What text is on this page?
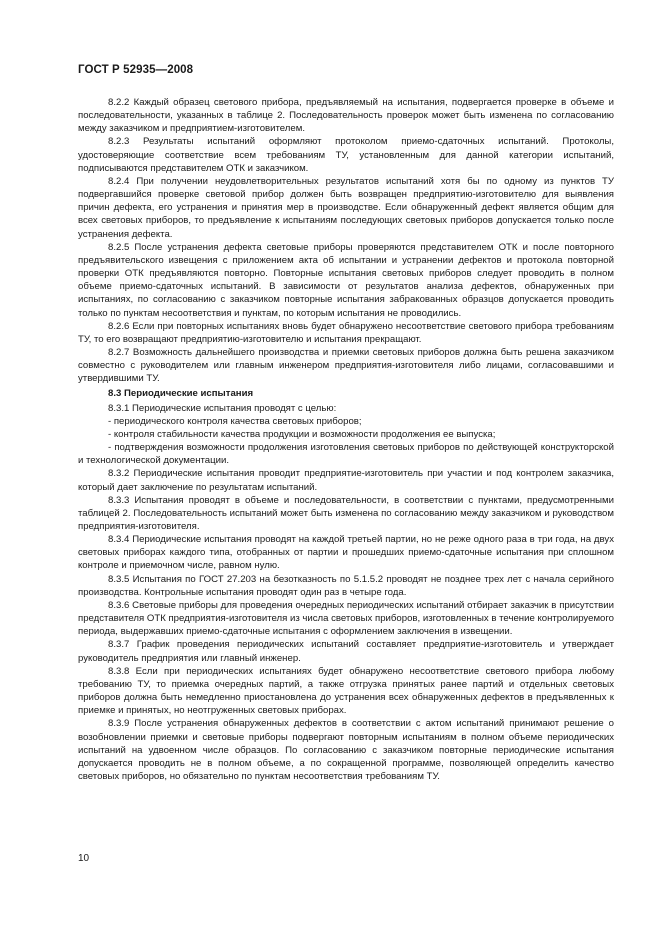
ГОСТ Р 52935—2008

8.2.2 Каждый образец светового прибора, предъявляемый на испытания, подвергается проверке в объеме и последовательности, указанных в таблице 2. Последовательность проверок может быть изменена по согласованию между заказчиком и предприятием-изготовителем.

8.2.3 Результаты испытаний оформляют протоколом приемо-сдаточных испытаний. Протоколы, удостоверяющие соответствие всем требованиям ТУ, установленным для данной категории испытаний, подписываются представителем ОТК и заказчиком.

8.2.4 При получении неудовлетворительных результатов испытаний хотя бы по одному из пунктов ТУ подвергавшийся проверке световой прибор должен быть возвращен предприятию-изготовителю для выявления причин дефекта, его устранения и принятия мер в производстве. Если обнаруженный дефект является общим для всех световых приборов, то предъявление к испытаниям последующих световых приборов допускается только после устранения дефекта.

8.2.5 После устранения дефекта световые приборы проверяются представителем ОТК и после повторного предъявительского извещения с приложением акта об испытании и устранении дефектов и протокола повторной проверки ОТК предъявляются повторно. Повторные испытания световых приборов следует проводить в полном объеме приемо-сдаточных испытаний. В зависимости от результатов анализа дефектов, обнаруженных при испытаниях, по согласованию с заказчиком повторные испытания забракованных образцов допускается проводить только по пунктам несоответствия и пунктам, по которым испытания не проводились.

8.2.6 Если при повторных испытаниях вновь будет обнаружено несоответствие светового прибора требованиям ТУ, то его возвращают предприятию-изготовителю и испытания прекращают.

8.2.7 Возможность дальнейшего производства и приемки световых приборов должна быть решена заказчиком совместно с руководителем или главным инженером предприятия-изготовителя либо лицами, согласовавшими и утвердившими ТУ.

8.3 Периодические испытания

8.3.1 Периодические испытания проводят с целью:

- периодического контроля качества световых приборов;

- контроля стабильности качества продукции и возможности продолжения ее выпуска;

- подтверждения возможности продолжения изготовления световых приборов по действующей конструкторской и технологической документации.

8.3.2 Периодические испытания проводит предприятие-изготовитель при участии и под контролем заказчика, который дает заключение по результатам испытаний.

8.3.3 Испытания проводят в объеме и последовательности, в соответствии с пунктами, предусмотренными таблицей 2. Последовательность испытаний может быть изменена по согласованию между заказчиком и руководством предприятия-изготовителя.

8.3.4 Периодические испытания проводят на каждой третьей партии, но не реже одного раза в три года, на двух световых приборах каждого типа, отобранных от партии и прошедших приемо-сдаточные испытания при сплошном контроле и приемочном числе, равном нулю.

8.3.5 Испытания по ГОСТ 27.203 на безотказность по 5.1.5.2 проводят не позднее трех лет с начала серийного производства. Контрольные испытания проводят один раз в четыре года.

8.3.6 Световые приборы для проведения очередных периодических испытаний отбирает заказчик в присутствии представителя ОТК предприятия-изготовителя из числа световых приборов, изготовленных в течение контролируемого периода, выдержавших приемо-сдаточные испытания с оформлением заключения в извещении.

8.3.7 График проведения периодических испытаний составляет предприятие-изготовитель и утверждает руководитель предприятия или главный инженер.

8.3.8 Если при периодических испытаниях будет обнаружено несоответствие светового прибора любому требованию ТУ, то приемка очередных партий, а также отгрузка принятых ранее партий и отдельных световых приборов должна быть немедленно приостановлена до устранения всех обнаруженных дефектов в предъявленных к приемке и принятых, но неотгруженных световых приборах.

8.3.9 После устранения обнаруженных дефектов в соответствии с актом испытаний принимают решение о возобновлении приемки и световые приборы подвергают повторным испытаниям в полном объеме периодических испытаний на удвоенном числе образцов. По согласованию с заказчиком повторные периодические испытания допускается проводить не в полном объеме, а по сокращенной программе, позволяющей определить качество световых приборов, но обязательно по пунктам несоответствия требованиям ТУ.

10
